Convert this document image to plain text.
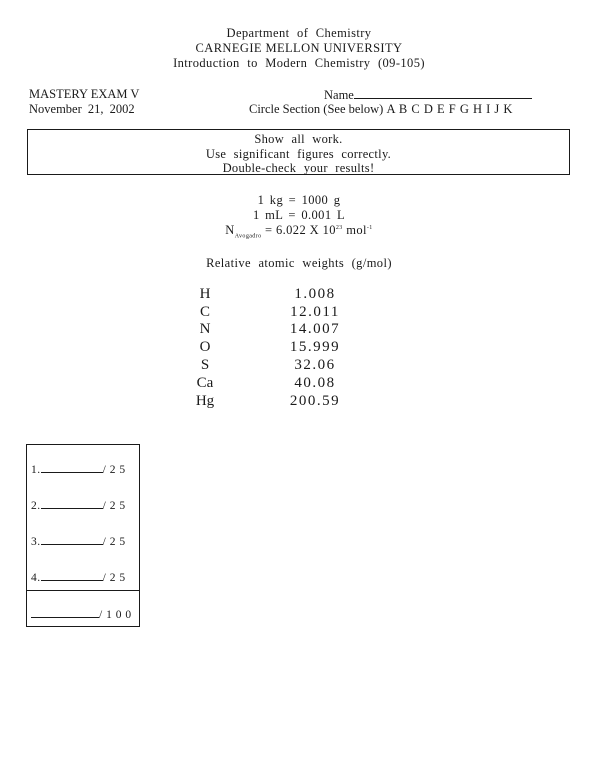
Department of Chemistry
CARNEGIE MELLON UNIVERSITY
Introduction to Modern Chemistry (09-105)
MASTERY EXAM V
November 21, 2002
Name
Circle Section (See below) A B C D E F G H I J K
Show all work.
Use significant figures correctly.
Double-check your results!
1 kg = 1000 g
1 mL = 0.001 L
$N_{Avogadro} = 6.022$ X $10^{23}$ mol$^{-1}$
Relative atomic weights (g/mol)
H	1.008
C	12.011
N	14.007
O	15.999
S	32.06
Ca	40.08
Hg	200.59
1.	/ 2 5
2.	/ 2 5
3.	/ 2 5
4.	/ 2 5
/ 1 0 0
